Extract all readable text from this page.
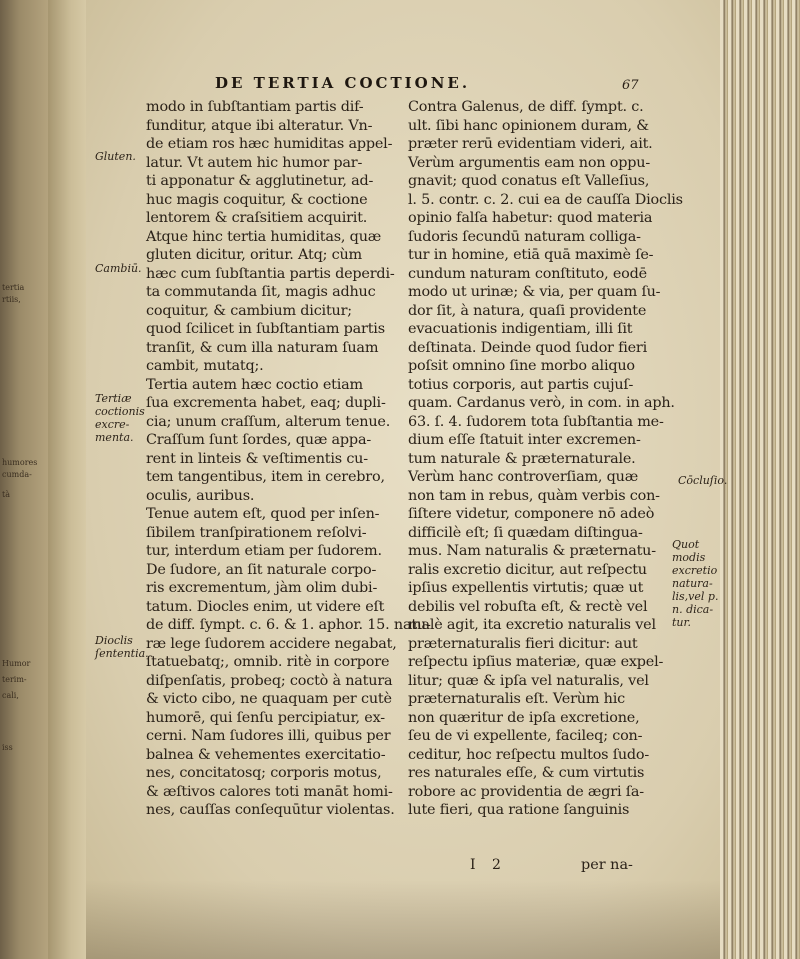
tertia
rtiis,
humores
cumda-
tà
Humor
terim-
cali,
iss
DE TERTIA COCTIONE.	67
modo in ſubſtantiam partis dif-
funditur, atque ibi alteratur. Vn-
de etiam ros hæc humiditas appel-
latur. Vt autem hic humor par-
ti apponatur & agglutinetur, ad-
huc magis coquitur, & coctione
lentorem & craſsitiem acquirit.
Atque hinc tertia humiditas, quæ
gluten dicitur, oritur. Atq; cùm
hæc cum ſubſtantia partis deperdi-
ta commutanda ſit, magis adhuc
coquitur, & cambium dicitur;
quod ſcilicet in ſubſtantiam partis
tranſit, & cum illa naturam ſuam
cambit, mutatq;.
Tertia autem hæc coctio etiam
ſua excrementa habet, eaq; dupli-
cia; unum craſſum, alterum tenue.
Craſſum ſunt ſordes, quæ appa-
rent in linteis & veſtimentis cu-
tem tangentibus, item in cerebro,
oculis, auribus.
Tenue autem eſt, quod per inſen-
ſibilem tranſpirationem reſolvi-
tur, interdum etiam per ſudorem.
De ſudore, an ſit naturale corpo-
ris excrementum, jàm olim dubi-
tatum. Diocles enim, ut videre eſt
de diff. ſympt. c. 6. & 1. aphor. 15. natu-
ræ lege ſudorem accidere negabat,
ſtatuebatq;, omnib. ritè in corpore
diſpenſatis, probeq; coctò à natura
& victo cibo, ne quaquam per cutè
humorē, qui ſenſu percipiatur, ex-
cerni. Nam ſudores illi, quibus per
balnea & vehementes exercitatio-
nes, concitatosq; corporis motus,
& æſtivos calores toti manāt homi-
nes, cauſſas conſequūtur violentas.
Contra Galenus, de diff. ſympt. c.
ult. ſibi hanc opinionem duram, &
præter rerū evidentiam videri, ait.
Verùm argumentis eam non oppu-
gnavit; quod conatus eſt Valleſius,
l. 5. contr. c. 2. cui ea de cauſſa Dioclis
opinio falſa habetur: quod materia
ſudoris ſecundū naturam colliga-
tur in homine, etiā quā maximè ſe-
cundum naturam conſtituto, eodē
modo ut urinæ; & via, per quam ſu-
dor ſit, à natura, quaſi providente
evacuationis indigentiam, illi ſit
deſtinata. Deinde quod ſudor fieri
poſsit omnino ſine morbo aliquo
totius corporis, aut partis cujuſ-
quam. Cardanus verò, in com. in aph.
63. ſ. 4. ſudorem tota ſubſtantia me-
dium eſſe ſtatuit inter excremen-
tum naturale & præternaturale.
Verùm hanc controverſiam, quæ
non tam in rebus, quàm verbis con-
ſiſtere videtur, componere nō adeò
difficilè eſt; ſi quædam diſtingua-
mus. Nam naturalis & præternatu-
ralis excretio dicitur, aut reſpectu
ipſius expellentis virtutis; quæ ut
debilis vel robuſta eſt, & rectè vel
malè agit, ita excretio naturalis vel
præternaturalis fieri dicitur: aut
reſpectu ipſius materiæ, quæ expel-
litur; quæ & ipſa vel naturalis, vel
præternaturalis eſt. Verùm hic
non quæritur de ipſa excretione,
ſeu de vi expellente, facileq; con-
ceditur, hoc reſpectu multos ſudo-
res naturales eſſe, & cum virtutis
robore ac providentia de ægri ſa-
lute fieri, qua ratione ſanguinis
Gluten.
Cambiū.
Tertiæ
coctionis
excre-
menta.
Dioclis
ſententia.
Cōcluſio.
Quot
modis
excretio
natura-
lis,vel p.
n. dica-
tur.
I 2	per na-
